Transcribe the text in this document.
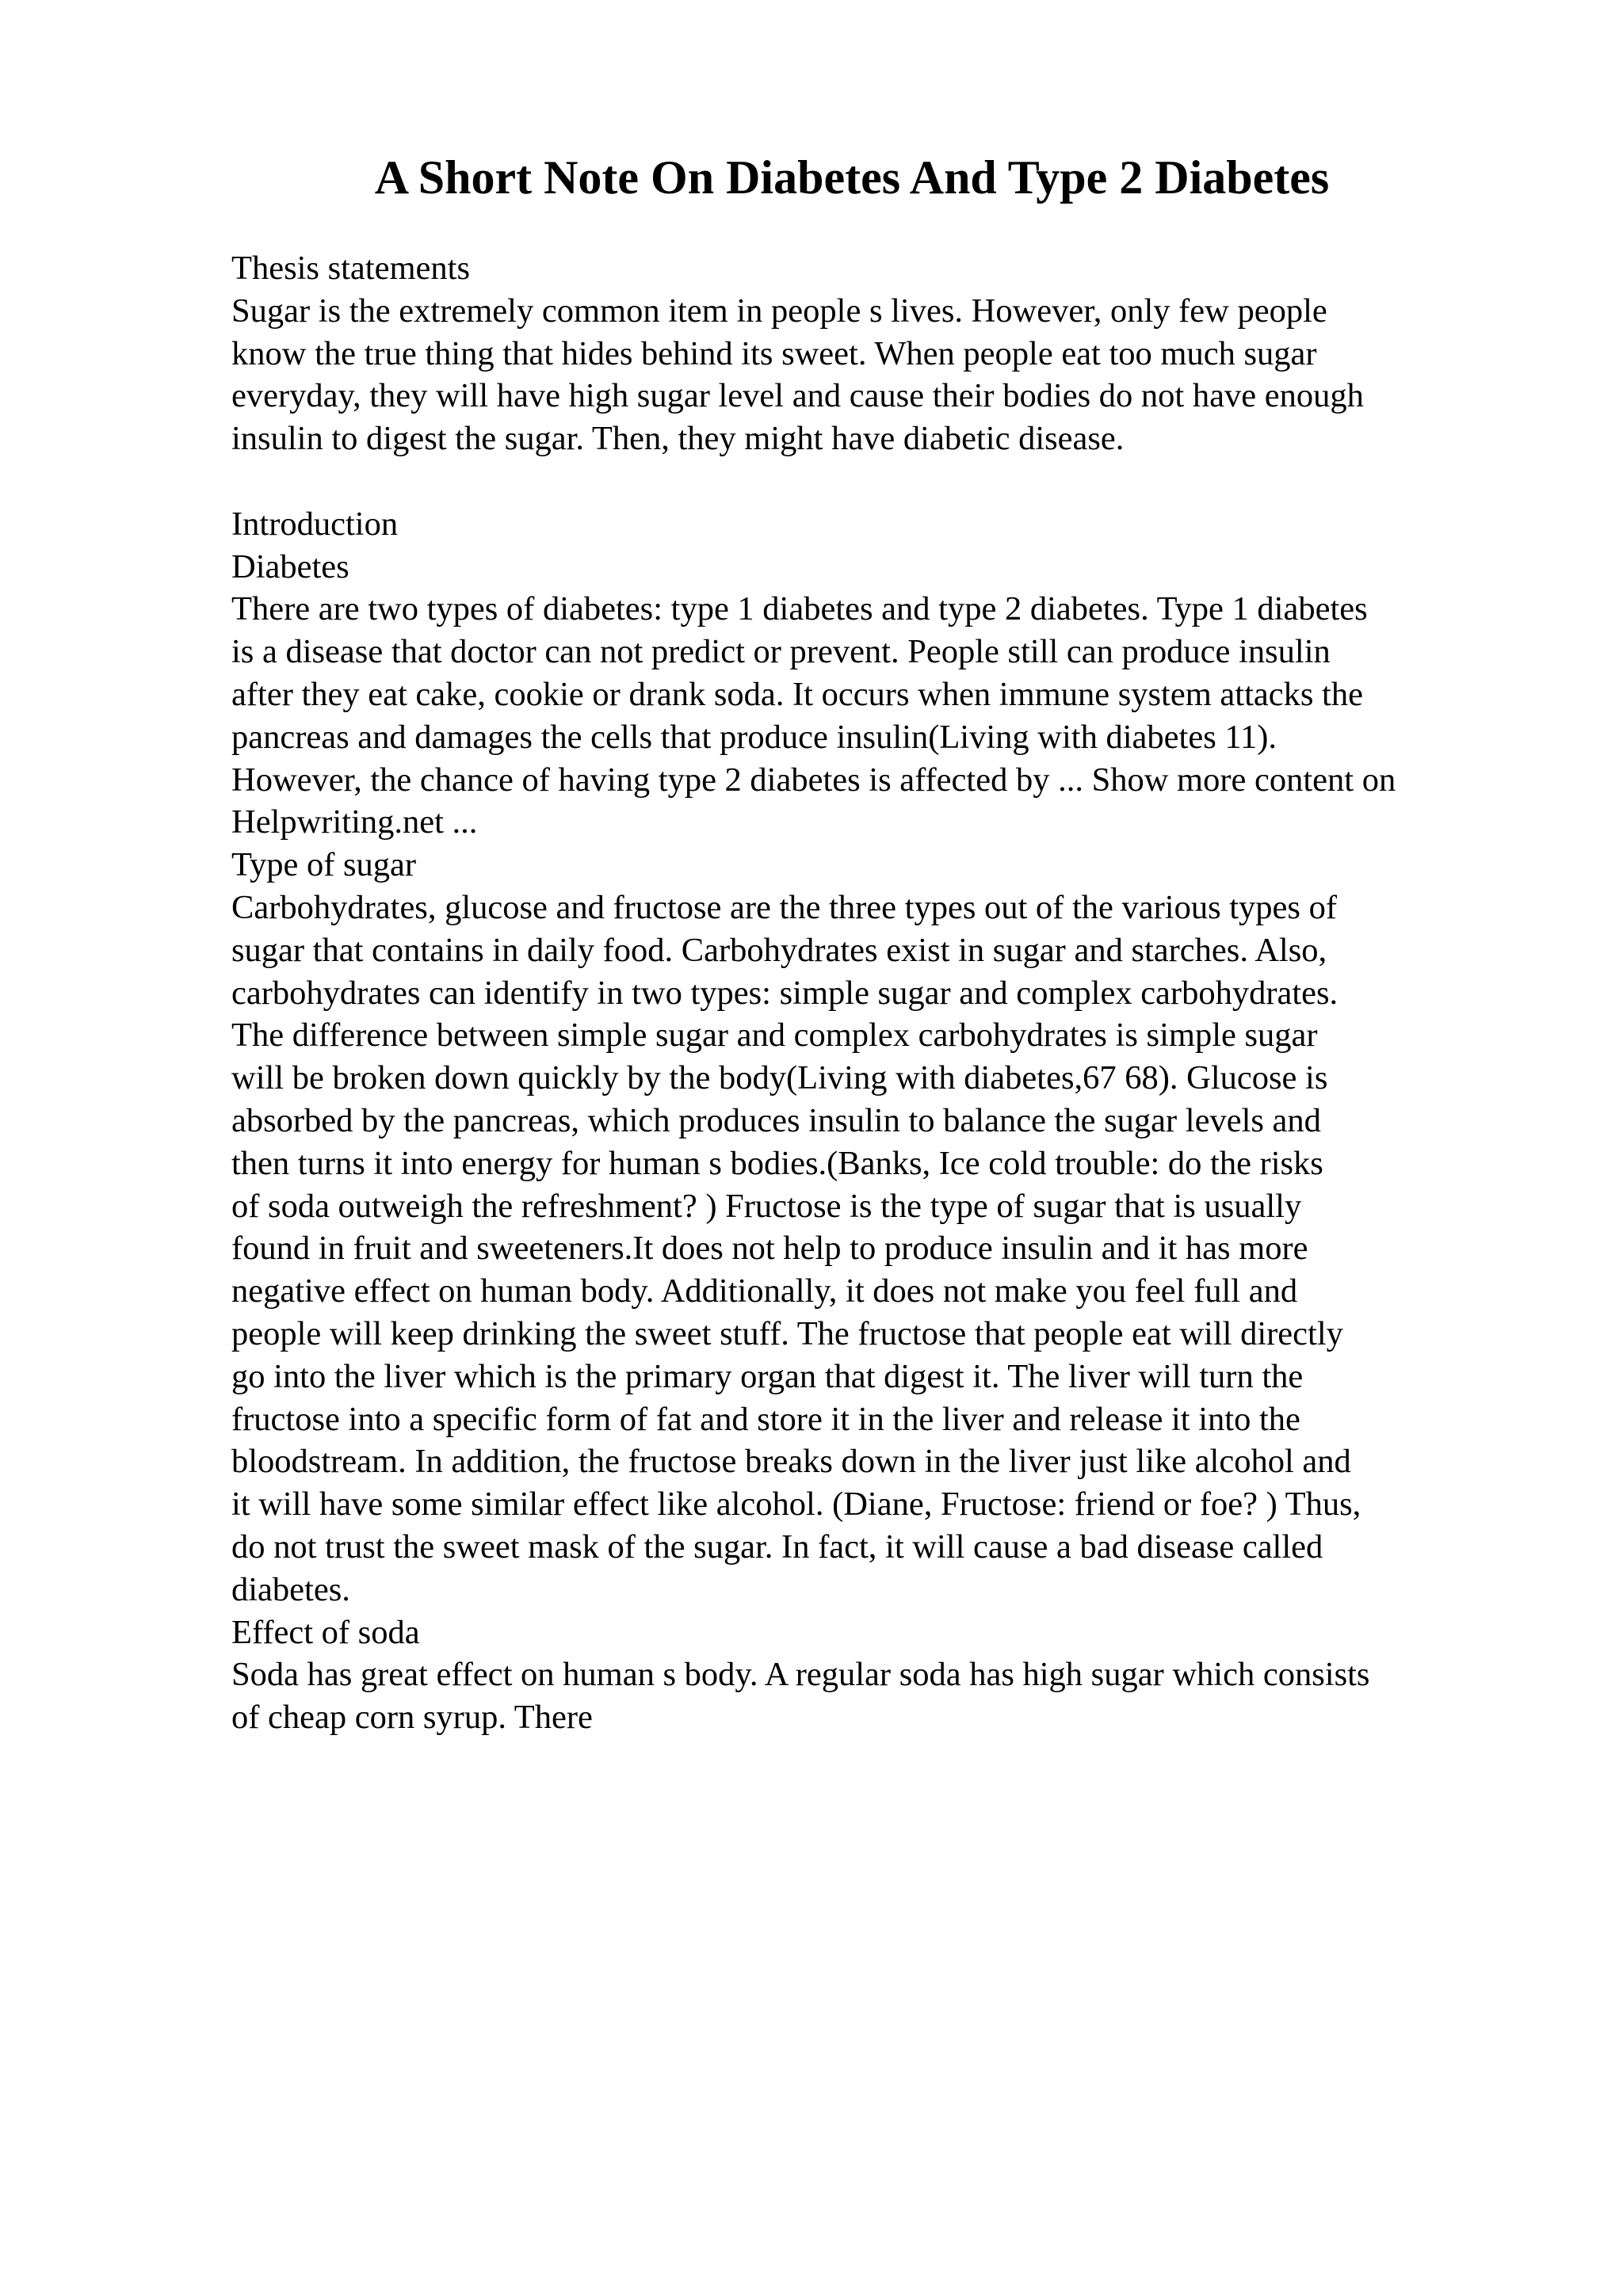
A Short Note On Diabetes And Type 2 Diabetes
Thesis statements
Sugar is the extremely common item in people s lives. However, only few people
know the true thing that hides behind its sweet. When people eat too much sugar
everyday, they will have high sugar level and cause their bodies do not have enough
insulin to digest the sugar. Then, they might have diabetic disease.
Introduction
Diabetes
There are two types of diabetes: type 1 diabetes and type 2 diabetes. Type 1 diabetes
is a disease that doctor can not predict or prevent. People still can produce insulin
after they eat cake, cookie or drank soda. It occurs when immune system attacks the
pancreas and damages the cells that produce insulin(Living with diabetes 11).
However, the chance of having type 2 diabetes is affected by ... Show more content on
Helpwriting.net ...
Type of sugar
Carbohydrates, glucose and fructose are the three types out of the various types of
sugar that contains in daily food. Carbohydrates exist in sugar and starches. Also,
carbohydrates can identify in two types: simple sugar and complex carbohydrates.
The difference between simple sugar and complex carbohydrates is simple sugar
will be broken down quickly by the body(Living with diabetes,67 68). Glucose is
absorbed by the pancreas, which produces insulin to balance the sugar levels and
then turns it into energy for human s bodies.(Banks, Ice cold trouble: do the risks
of soda outweigh the refreshment? ) Fructose is the type of sugar that is usually
found in fruit and sweeteners.It does not help to produce insulin and it has more
negative effect on human body. Additionally, it does not make you feel full and
people will keep drinking the sweet stuff. The fructose that people eat will directly
go into the liver which is the primary organ that digest it. The liver will turn the
fructose into a specific form of fat and store it in the liver and release it into the
bloodstream. In addition, the fructose breaks down in the liver just like alcohol and
it will have some similar effect like alcohol. (Diane, Fructose: friend or foe? ) Thus,
do not trust the sweet mask of the sugar. In fact, it will cause a bad disease called
diabetes.
Effect of soda
Soda has great effect on human s body. A regular soda has high sugar which consists
of cheap corn syrup. There
